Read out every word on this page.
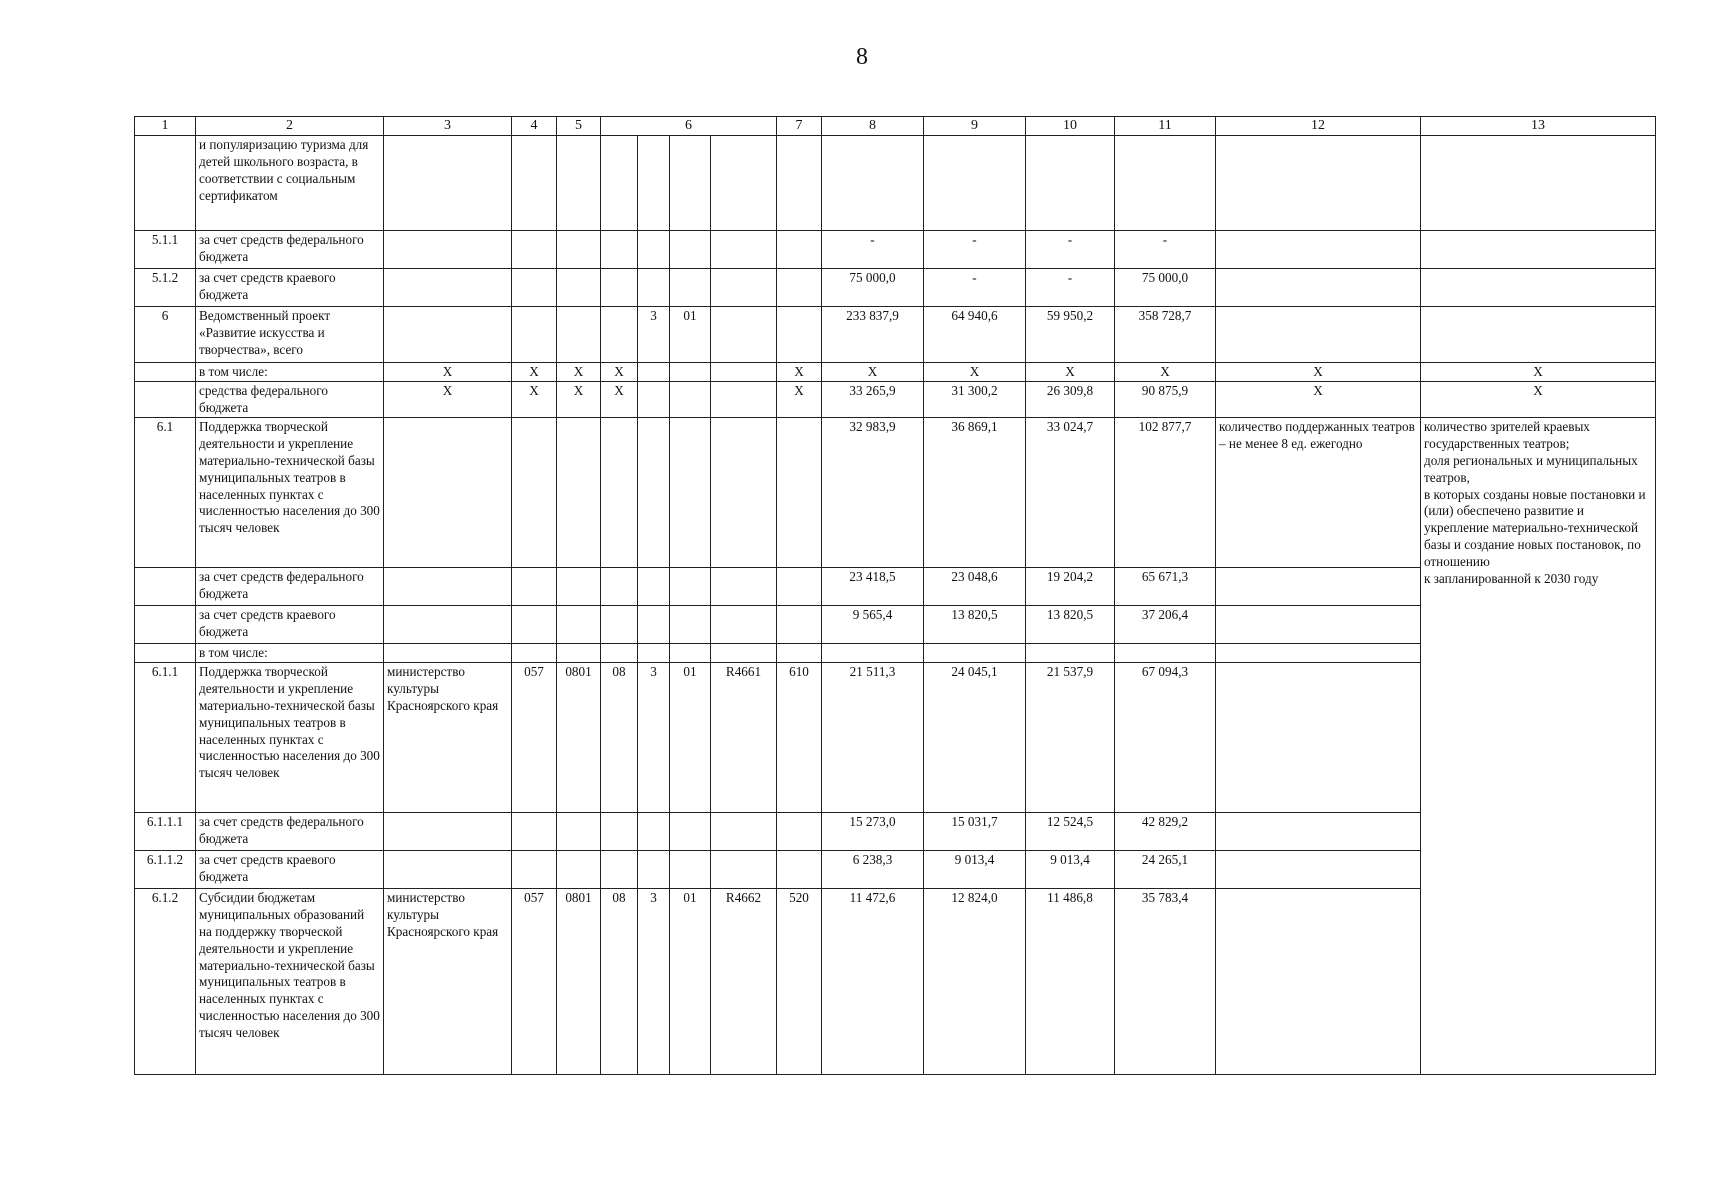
8
1	2	3	4	5	6				7	8	9	10	11	12	13
	и популяризацию туризма для детей школьного возраста, в соответствии с социальным сертификатом														
5.1.1	за счет средств федерального бюджета									-	-	-	-		
5.1.2	за счет средств краевого бюджета									75 000,0	-	-	75 000,0		
6	Ведомственный проект «Развитие искусства и творчества», всего					3	01			233 837,9	64 940,6	59 950,2	358 728,7		
	в том числе:	X	X	X	X				X	X	X	X	X	X	X
	средства федерального бюджета	X	X	X	X				X	33 265,9	31 300,2	26 309,8	90 875,9	X	X
6.1	Поддержка творческой деятельности и укрепление материально-технической базы муниципальных театров в населенных пунктах с численностью населения до 300 тысяч человек									32 983,9	36 869,1	33 024,7	102 877,7	количество поддержанных театров – не менее 8 ед. ежегодно	количество зрителей краевых государственных театров;
доля региональных и муниципальных театров,
в которых созданы новые постановки и (или) обеспечено развитие и укрепление материально-технической базы и создание новых постановок, по отношению
к запланированной к 2030 году
	за счет средств федерального бюджета									23 418,5	23 048,6	19 204,2	65 671,3		
	за счет средств краевого бюджета									9 565,4	13 820,5	13 820,5	37 206,4		
	в том числе:														
6.1.1	Поддержка творческой деятельности и укрепление материально-технической базы муниципальных театров в населенных пунктах с численностью населения до 300 тысяч человек	министерство культуры Красноярского края	057	0801	08	3	01	R4661	610	21 511,3	24 045,1	21 537,9	67 094,3		
6.1.1.1	за счет средств федерального бюджета									15 273,0	15 031,7	12 524,5	42 829,2		
6.1.1.2	за счет средств краевого бюджета									6 238,3	9 013,4	9 013,4	24 265,1		
6.1.2	Субсидии бюджетам муниципальных образований на поддержку творческой деятельности и укрепление материально-технической базы муниципальных театров в населенных пунктах с численностью населения до 300 тысяч человек	министерство культуры Красноярского края	057	0801	08	3	01	R4662	520	11 472,6	12 824,0	11 486,8	35 783,4		
